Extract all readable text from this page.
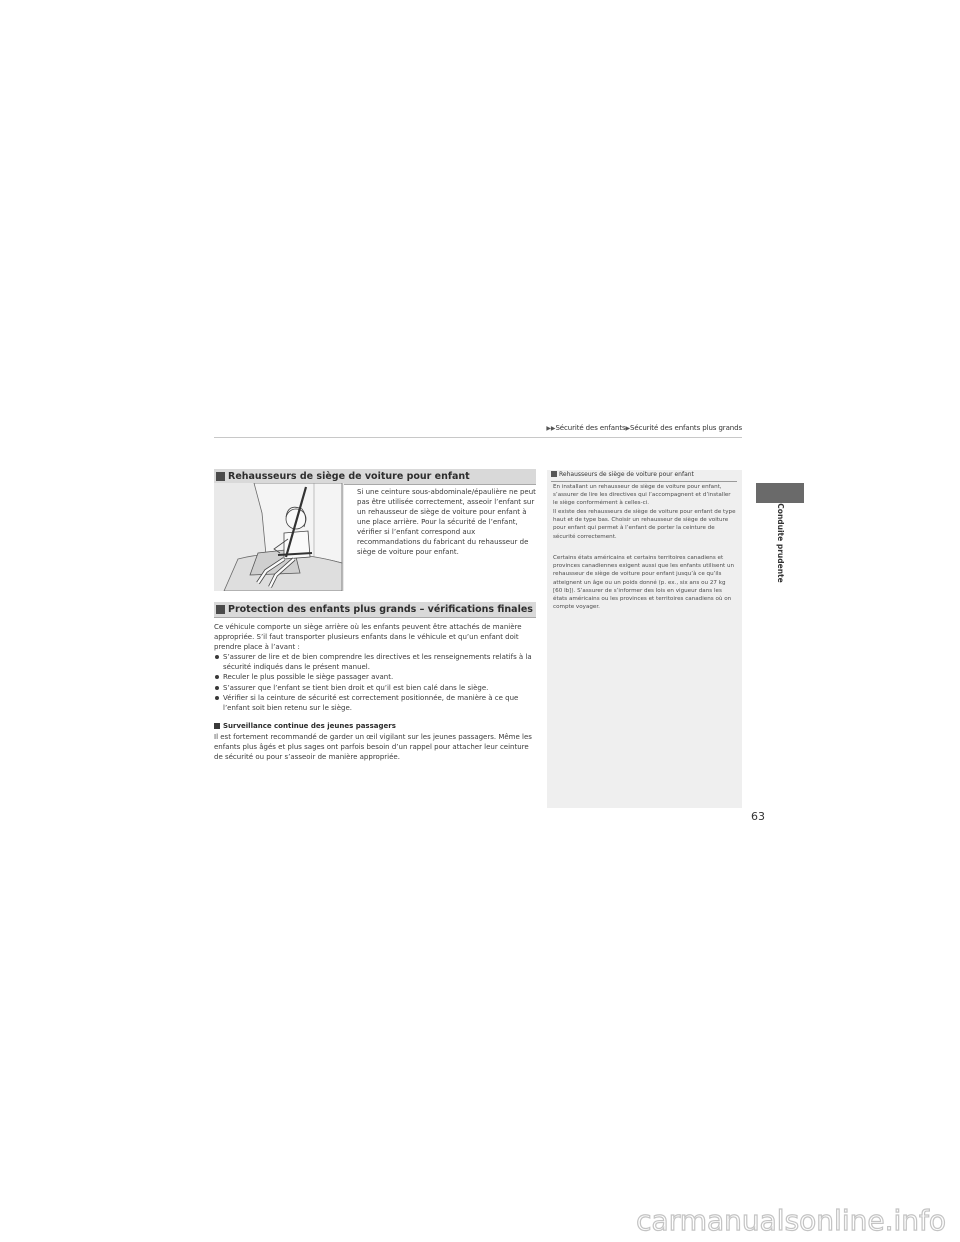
▶▶Sécurité des enfants▶Sécurité des enfants plus grands
Conduite prudente
Rehausseurs de siège de voiture pour enfant
Si une ceinture sous-abdominale/épaulière ne peut pas être utilisée correctement, asseoir l’enfant sur un rehausseur de siège de voiture pour enfant à une place arrière. Pour la sécurité de l’enfant, vérifier si l’enfant correspond aux recommandations du fabricant du rehausseur de siège de voiture pour enfant.
Protection des enfants plus grands – vérifications finales
Ce véhicule comporte un siège arrière où les enfants peuvent être attachés de manière appropriée. S’il faut transporter plusieurs enfants dans le véhicule et qu’un enfant doit prendre place à l’avant :
S’assurer de lire et de bien comprendre les directives et les renseignements relatifs à la sécurité indiqués dans le présent manuel.
Reculer le plus possible le siège passager avant.
S’assurer que l’enfant se tient bien droit et qu’il est bien calé dans le siège.
Vérifier si la ceinture de sécurité est correctement positionnée, de manière à ce que l’enfant soit bien retenu sur le siège.
Surveillance continue des jeunes passagers
Il est fortement recommandé de garder un œil vigilant sur les jeunes passagers. Même les enfants plus âgés et plus sages ont parfois besoin d’un rappel pour attacher leur ceinture de sécurité ou pour s’asseoir de manière appropriée.
Rehausseurs de siège de voiture pour enfant
En installant un rehausseur de siège de voiture pour enfant, s’assurer de lire les directives qui l’accompagnent et d’installer le siège conformément à celles-ci.
Il existe des rehausseurs de siège de voiture pour enfant de type haut et de type bas. Choisir un rehausseur de siège de voiture pour enfant qui permet à l’enfant de porter la ceinture de sécurité correctement.
Certains états américains et certains territoires canadiens et provinces canadiennes exigent aussi que les enfants utilisent un rehausseur de siège de voiture pour enfant jusqu’à ce qu’ils atteignent un âge ou un poids donné (p. ex., six ans ou 27 kg [60 lb]). S’assurer de s’informer des lois en vigueur dans les états américains ou les provinces et territoires canadiens où on compte voyager.
63
carmanualsonline.info
